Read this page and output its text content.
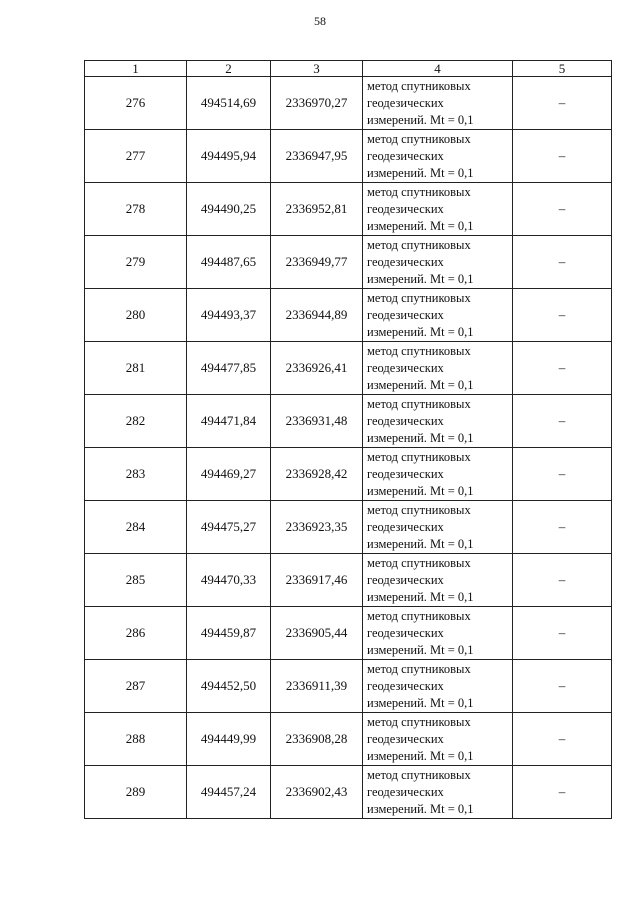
58
1	2	3	4	5
276	494514,69	2336970,27	метод спутниковых
геодезических
измерений. Mt = 0,1	–
277	494495,94	2336947,95	метод спутниковых
геодезических
измерений. Mt = 0,1	–
278	494490,25	2336952,81	метод спутниковых
геодезических
измерений. Mt = 0,1	–
279	494487,65	2336949,77	метод спутниковых
геодезических
измерений. Mt = 0,1	–
280	494493,37	2336944,89	метод спутниковых
геодезических
измерений. Mt = 0,1	–
281	494477,85	2336926,41	метод спутниковых
геодезических
измерений. Mt = 0,1	–
282	494471,84	2336931,48	метод спутниковых
геодезических
измерений. Mt = 0,1	–
283	494469,27	2336928,42	метод спутниковых
геодезических
измерений. Mt = 0,1	–
284	494475,27	2336923,35	метод спутниковых
геодезических
измерений. Mt = 0,1	–
285	494470,33	2336917,46	метод спутниковых
геодезических
измерений. Mt = 0,1	–
286	494459,87	2336905,44	метод спутниковых
геодезических
измерений. Mt = 0,1	–
287	494452,50	2336911,39	метод спутниковых
геодезических
измерений. Mt = 0,1	–
288	494449,99	2336908,28	метод спутниковых
геодезических
измерений. Mt = 0,1	–
289	494457,24	2336902,43	метод спутниковых
геодезических
измерений. Mt = 0,1	–
